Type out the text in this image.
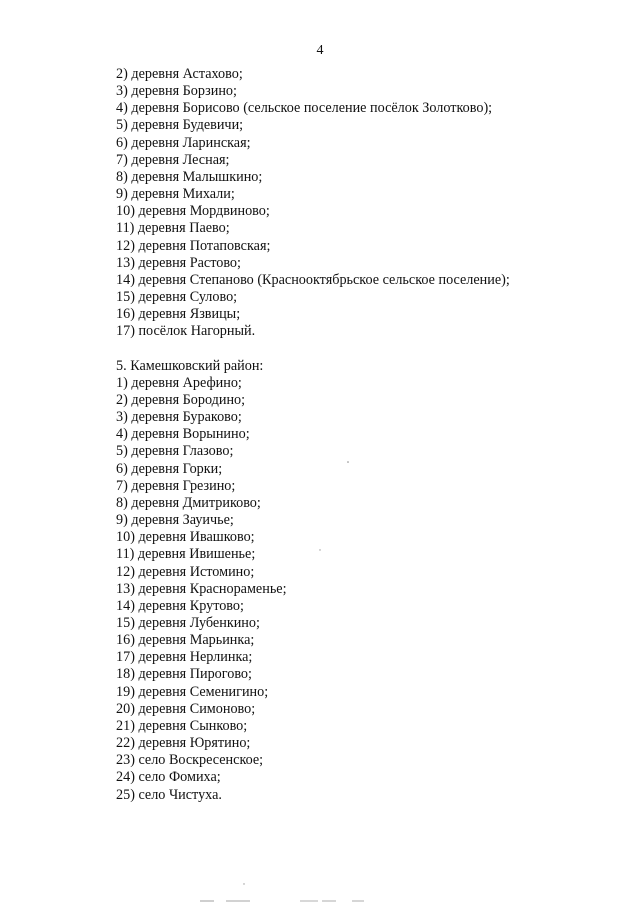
4
2) деревня Астахово;
3) деревня Борзино;
4) деревня Борисово (сельское поселение посёлок Золотково);
5) деревня Будевичи;
6) деревня Ларинская;
7) деревня Лесная;
8) деревня Малышкино;
9) деревня Михали;
10) деревня Мордвиново;
11) деревня Паево;
12) деревня Потаповская;
13) деревня Растово;
14) деревня Степаново (Краснооктябрьское сельское поселение);
15) деревня Сулово;
16) деревня Язвицы;
17) посёлок Нагорный.
5. Камешковский район:
1) деревня Арефино;
2) деревня Бородино;
3) деревня Бураково;
4) деревня Ворынино;
5) деревня Глазово;
6) деревня Горки;
7) деревня Грезино;
8) деревня Дмитриково;
9) деревня Зауичье;
10) деревня Ивашково;
11) деревня Ивишенье;
12) деревня Истомино;
13) деревня Краснораменье;
14) деревня Крутово;
15) деревня Лубенкино;
16) деревня Марьинка;
17) деревня Нерлинка;
18) деревня Пирогово;
19) деревня Семенигино;
20) деревня Симоново;
21) деревня Сынково;
22) деревня Юрятино;
23) село Воскресенское;
24) село Фомиха;
25) село Чистуха.
